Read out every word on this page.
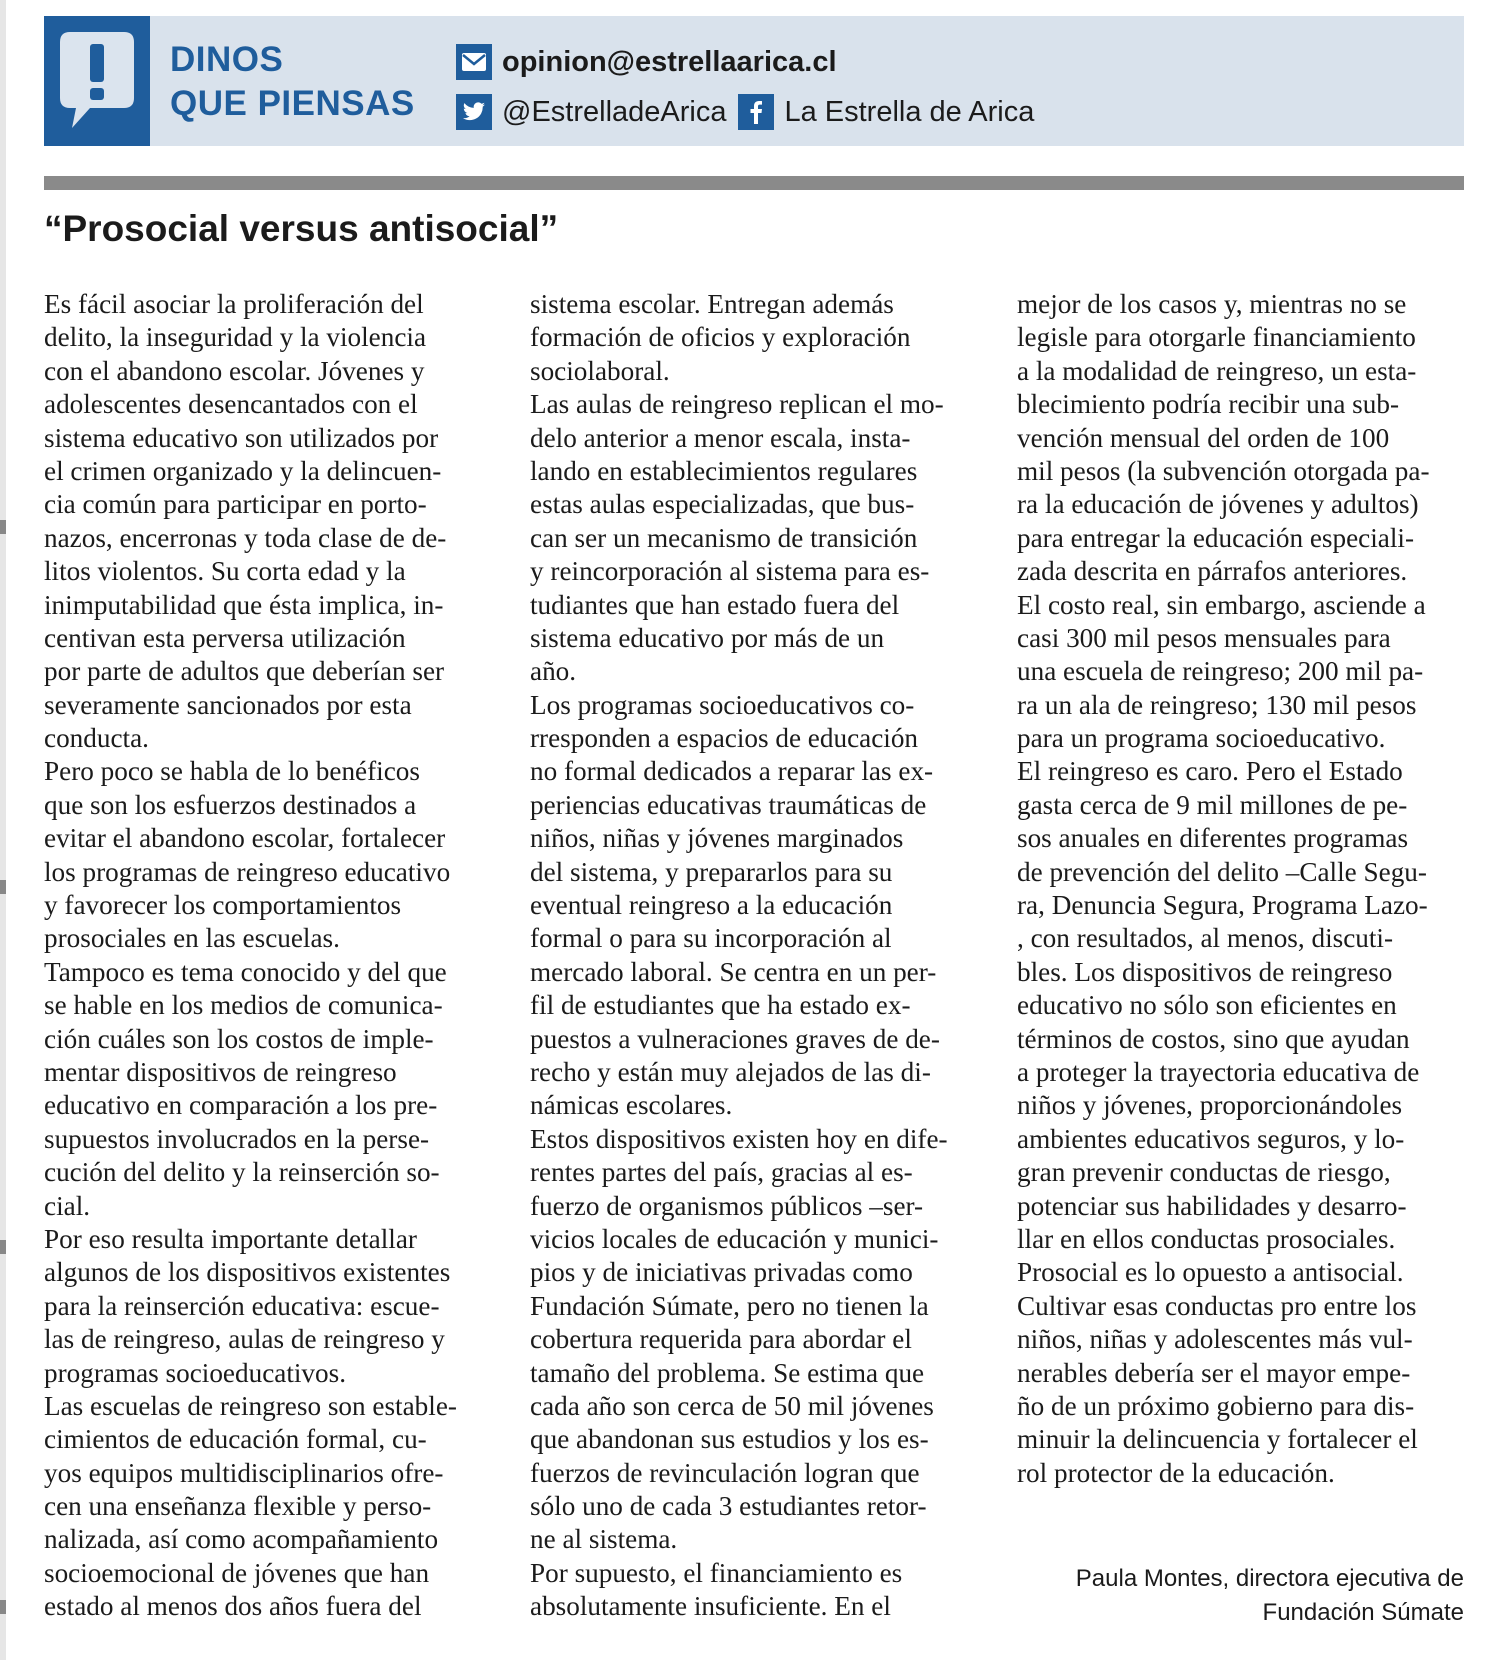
DINOS
QUE PIENSAS
opinion@estrellaarica.cl
@EstrelladeArica La Estrella de Arica
“Prosocial versus antisocial”
Es fácil asociar la proliferación del
delito, la inseguridad y la violencia
con el abandono escolar. Jóvenes y
adolescentes desencantados con el
sistema educativo son utilizados por
el crimen organizado y la delincuen-
cia común para participar en porto-
nazos, encerronas y toda clase de de-
litos violentos. Su corta edad y la
inimputabilidad que ésta implica, in-
centivan esta perversa utilización
por parte de adultos que deberían ser
severamente sancionados por esta
conducta.
Pero poco se habla de lo benéficos
que son los esfuerzos destinados a
evitar el abandono escolar, fortalecer
los programas de reingreso educativo
y favorecer los comportamientos
prosociales en las escuelas.
Tampoco es tema conocido y del que
se hable en los medios de comunica-
ción cuáles son los costos de imple-
mentar dispositivos de reingreso
educativo en comparación a los pre-
supuestos involucrados en la perse-
cución del delito y la reinserción so-
cial.
Por eso resulta importante detallar
algunos de los dispositivos existentes
para la reinserción educativa: escue-
las de reingreso, aulas de reingreso y
programas socioeducativos.
Las escuelas de reingreso son estable-
cimientos de educación formal, cu-
yos equipos multidisciplinarios ofre-
cen una enseñanza flexible y perso-
nalizada, así como acompañamiento
socioemocional de jóvenes que han
estado al menos dos años fuera del
sistema escolar. Entregan además
formación de oficios y exploración
sociolaboral.
Las aulas de reingreso replican el mo-
delo anterior a menor escala, insta-
lando en establecimientos regulares
estas aulas especializadas, que bus-
can ser un mecanismo de transición
y reincorporación al sistema para es-
tudiantes que han estado fuera del
sistema educativo por más de un
año.
Los programas socioeducativos co-
rresponden a espacios de educación
no formal dedicados a reparar las ex-
periencias educativas traumáticas de
niños, niñas y jóvenes marginados
del sistema, y prepararlos para su
eventual reingreso a la educación
formal o para su incorporación al
mercado laboral. Se centra en un per-
fil de estudiantes que ha estado ex-
puestos a vulneraciones graves de de-
recho y están muy alejados de las di-
námicas escolares.
Estos dispositivos existen hoy en dife-
rentes partes del país, gracias al es-
fuerzo de organismos públicos –ser-
vicios locales de educación y munici-
pios y de iniciativas privadas como
Fundación Súmate, pero no tienen la
cobertura requerida para abordar el
tamaño del problema. Se estima que
cada año son cerca de 50 mil jóvenes
que abandonan sus estudios y los es-
fuerzos de revinculación logran que
sólo uno de cada 3 estudiantes retor-
ne al sistema.
Por supuesto, el financiamiento es
absolutamente insuficiente. En el
mejor de los casos y, mientras no se
legisle para otorgarle financiamiento
a la modalidad de reingreso, un esta-
blecimiento podría recibir una sub-
vención mensual del orden de 100
mil pesos (la subvención otorgada pa-
ra la educación de jóvenes y adultos)
para entregar la educación especiali-
zada descrita en párrafos anteriores.
El costo real, sin embargo, asciende a
casi 300 mil pesos mensuales para
una escuela de reingreso; 200 mil pa-
ra un ala de reingreso; 130 mil pesos
para un programa socioeducativo.
El reingreso es caro. Pero el Estado
gasta cerca de 9 mil millones de pe-
sos anuales en diferentes programas
de prevención del delito –Calle Segu-
ra, Denuncia Segura, Programa Lazo-
, con resultados, al menos, discuti-
bles. Los dispositivos de reingreso
educativo no sólo son eficientes en
términos de costos, sino que ayudan
a proteger la trayectoria educativa de
niños y jóvenes, proporcionándoles
ambientes educativos seguros, y lo-
gran prevenir conductas de riesgo,
potenciar sus habilidades y desarro-
llar en ellos conductas prosociales.
Prosocial es lo opuesto a antisocial.
Cultivar esas conductas pro entre los
niños, niñas y adolescentes más vul-
nerables debería ser el mayor empe-
ño de un próximo gobierno para dis-
minuir la delincuencia y fortalecer el
rol protector de la educación.
Paula Montes, directora ejecutiva de
Fundación Súmate
